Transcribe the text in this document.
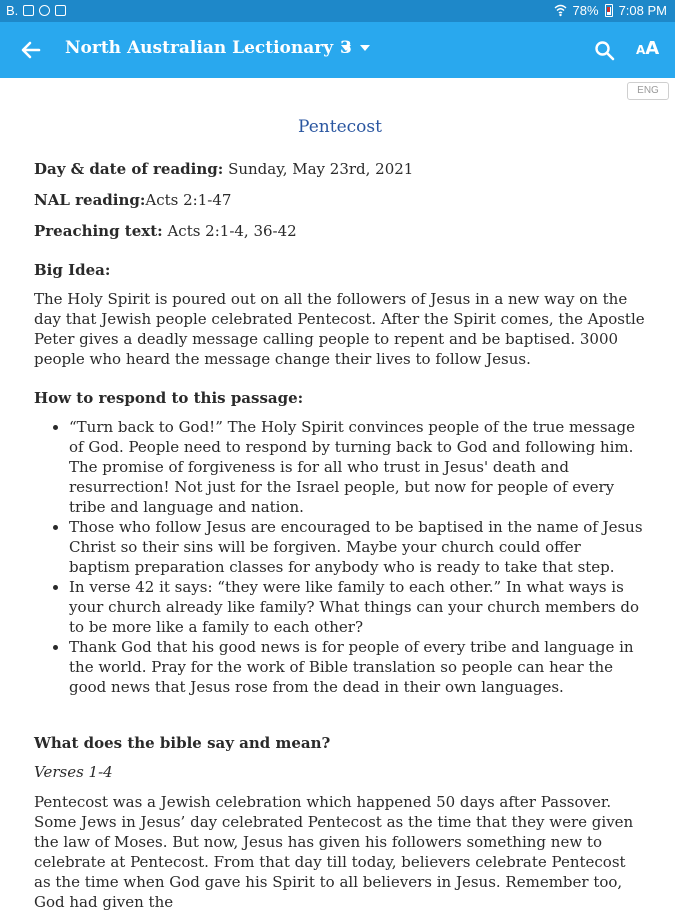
B.	78% 7:08 PM
North Australian Lectionary 3	AA
ENG
Pentecost
Day & date of reading: Sunday, May 23rd, 2021
NAL reading:Acts 2:1-47
Preaching text: Acts 2:1-4, 36-42
Big Idea:
The Holy Spirit is poured out on all the followers of Jesus in a new way on the day that Jewish people celebrated Pentecost. After the Spirit comes, the Apostle Peter gives a deadly message calling people to repent and be baptised. 3000 people who heard the message change their lives to follow Jesus.
How to respond to this passage:
• “Turn back to God!” The Holy Spirit convinces people of the true message of God. People need to respond by turning back to God and following him. The promise of forgiveness is for all who trust in Jesus' death and resurrection! Not just for the Israel people, but now for people of every tribe and language and nation.
• Those who follow Jesus are encouraged to be baptised in the name of Jesus Christ so their sins will be forgiven. Maybe your church could offer baptism preparation classes for anybody who is ready to take that step.
• In verse 42 it says: “they were like family to each other.” In what ways is your church already like family? What things can your church members do to be more like a family to each other?
• Thank God that his good news is for people of every tribe and language in the world. Pray for the work of Bible translation so people can hear the good news that Jesus rose from the dead in their own languages.
What does the bible say and mean?
Verses 1-4
Pentecost was a Jewish celebration which happened 50 days after Passover. Some Jews in Jesus’ day celebrated Pentecost as the time that they were given the law of Moses. But now, Jesus has given his followers something new to celebrate at Pentecost. From that day till today, believers celebrate Pentecost as the time when God gave his Spirit to all believers in Jesus. Remember too, God had given the
